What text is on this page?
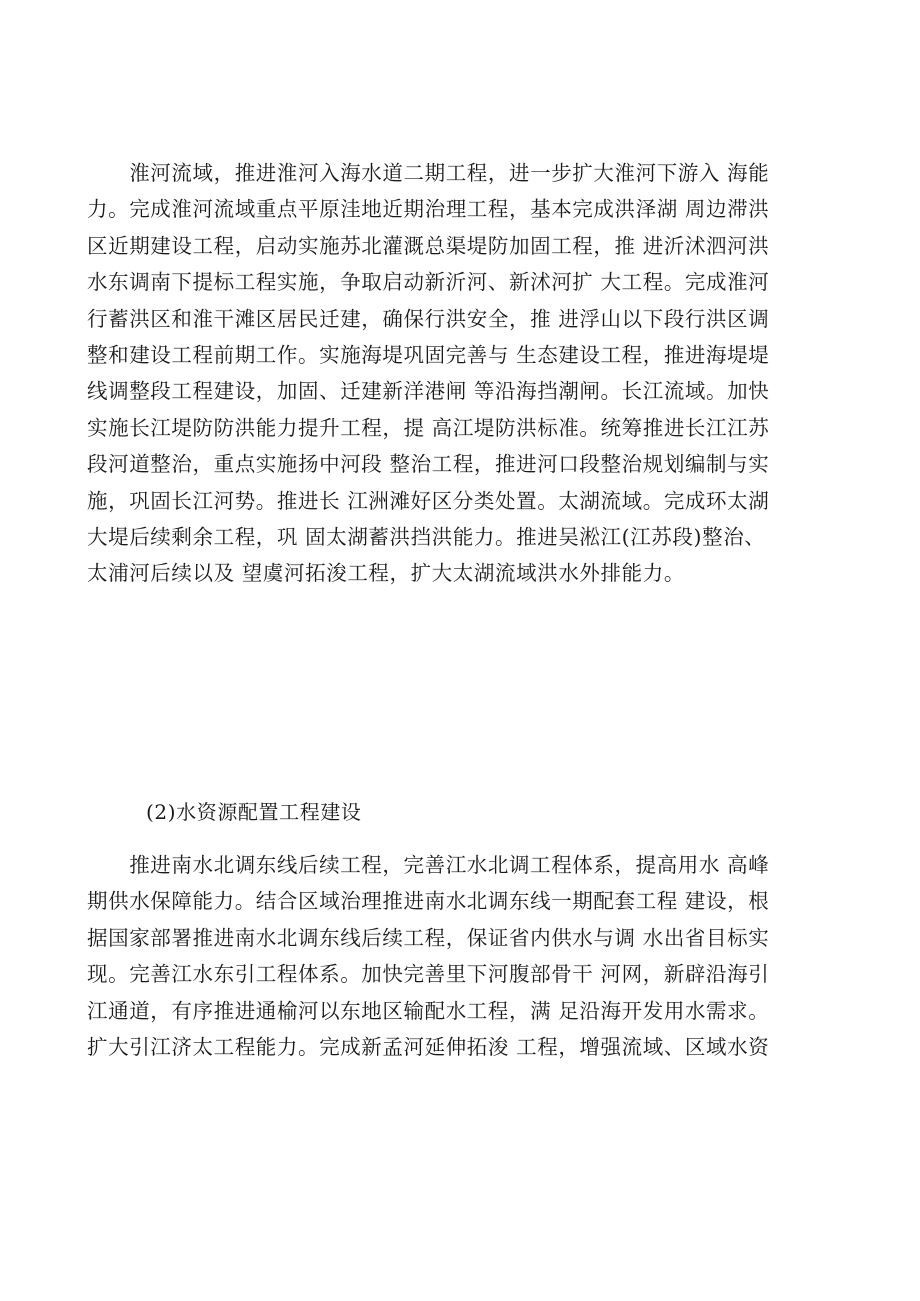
　　淮河流域，推进淮河入海水道二期工程，进一步扩大淮河下游入 海能
力。完成淮河流域重点平原洼地近期治理工程，基本完成洪泽湖 周边滞洪
区近期建设工程，启动实施苏北灌溉总渠堤防加固工程，推 进沂沭泗河洪
水东调南下提标工程实施，争取启动新沂河、新沭河扩 大工程。完成淮河
行蓄洪区和淮干滩区居民迁建，确保行洪安全，推 进浮山以下段行洪区调
整和建设工程前期工作。实施海堤巩固完善与 生态建设工程，推进海堤堤
线调整段工程建设，加固、迁建新洋港闸 等沿海挡潮闸。长江流域。加快
实施长江堤防防洪能力提升工程，提 高江堤防洪标准。统筹推进长江江苏
段河道整治，重点实施扬中河段 整治工程，推进河口段整治规划编制与实
施，巩固长江河势。推进长 江洲滩好区分类处置。太湖流域。完成环太湖
大堤后续剩余工程，巩 固太湖蓄洪挡洪能力。推进吴淞江(江苏段)整治、
太浦河后续以及 望虞河拓浚工程，扩大太湖流域洪水外排能力。
(2)水资源配置工程建设
　　推进南水北调东线后续工程，完善江水北调工程体系，提高用水 高峰
期供水保障能力。结合区域治理推进南水北调东线一期配套工程 建设，根
据国家部署推进南水北调东线后续工程，保证省内供水与调 水出省目标实
现。完善江水东引工程体系。加快完善里下河腹部骨干 河网，新辟沿海引
江通道，有序推进通榆河以东地区输配水工程，满 足沿海开发用水需求。
扩大引江济太工程能力。完成新孟河延伸拓浚 工程，增强流域、区域水资
